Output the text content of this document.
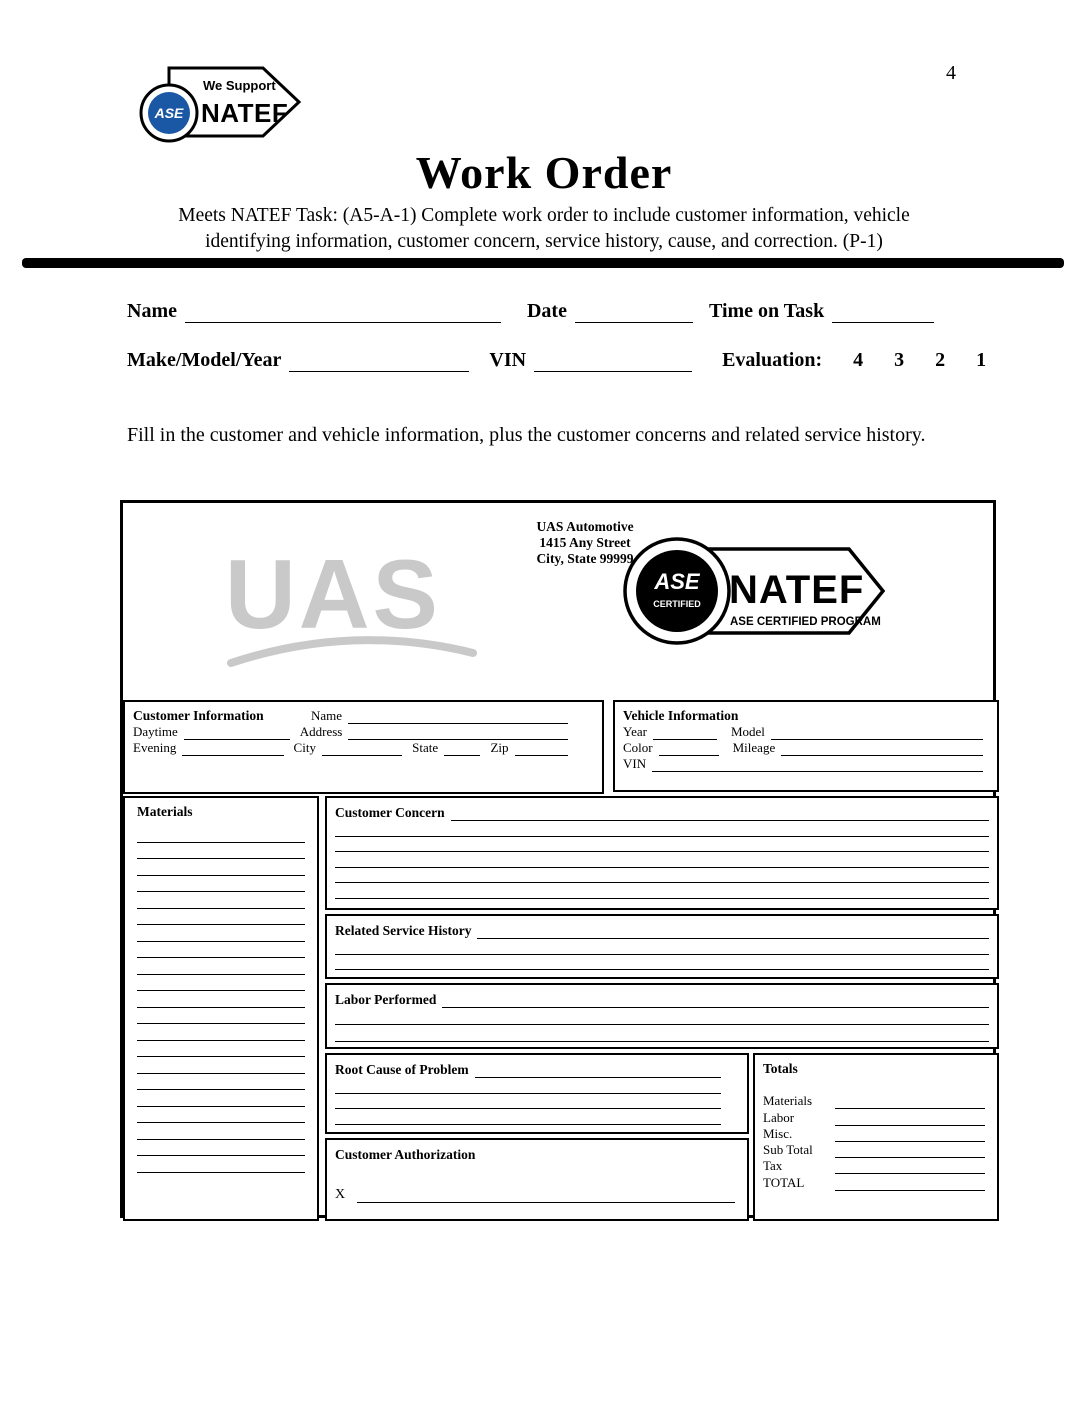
4
ASE
We Support
NATEF
Work Order
Meets NATEF Task: (A5-A-1) Complete work order to include customer information, vehicle
identifying information, customer concern, service history, cause, and correction. (P-1)
Name	Date	Time on Task
Make/Model/Year	VIN	Evaluation: 4 3 2 1
Fill in the customer and vehicle information, plus the customer concerns and related service history.
UAS
UAS Automotive
1415 Any Street
City, State 99999
ASE
CERTIFIED NATEF
ASE CERTIFIED PROGRAM
Customer Information	Name
Daytime	Address
Evening	City	State	Zip
Vehicle Information
Year	Model
Color	Mileage
VIN
Materials	Customer Concern
Related Service History
Labor Performed
Root Cause of Problem
Customer Authorization
X
Totals
Materials
Labor
Misc.
Sub Total
Tax
TOTAL
